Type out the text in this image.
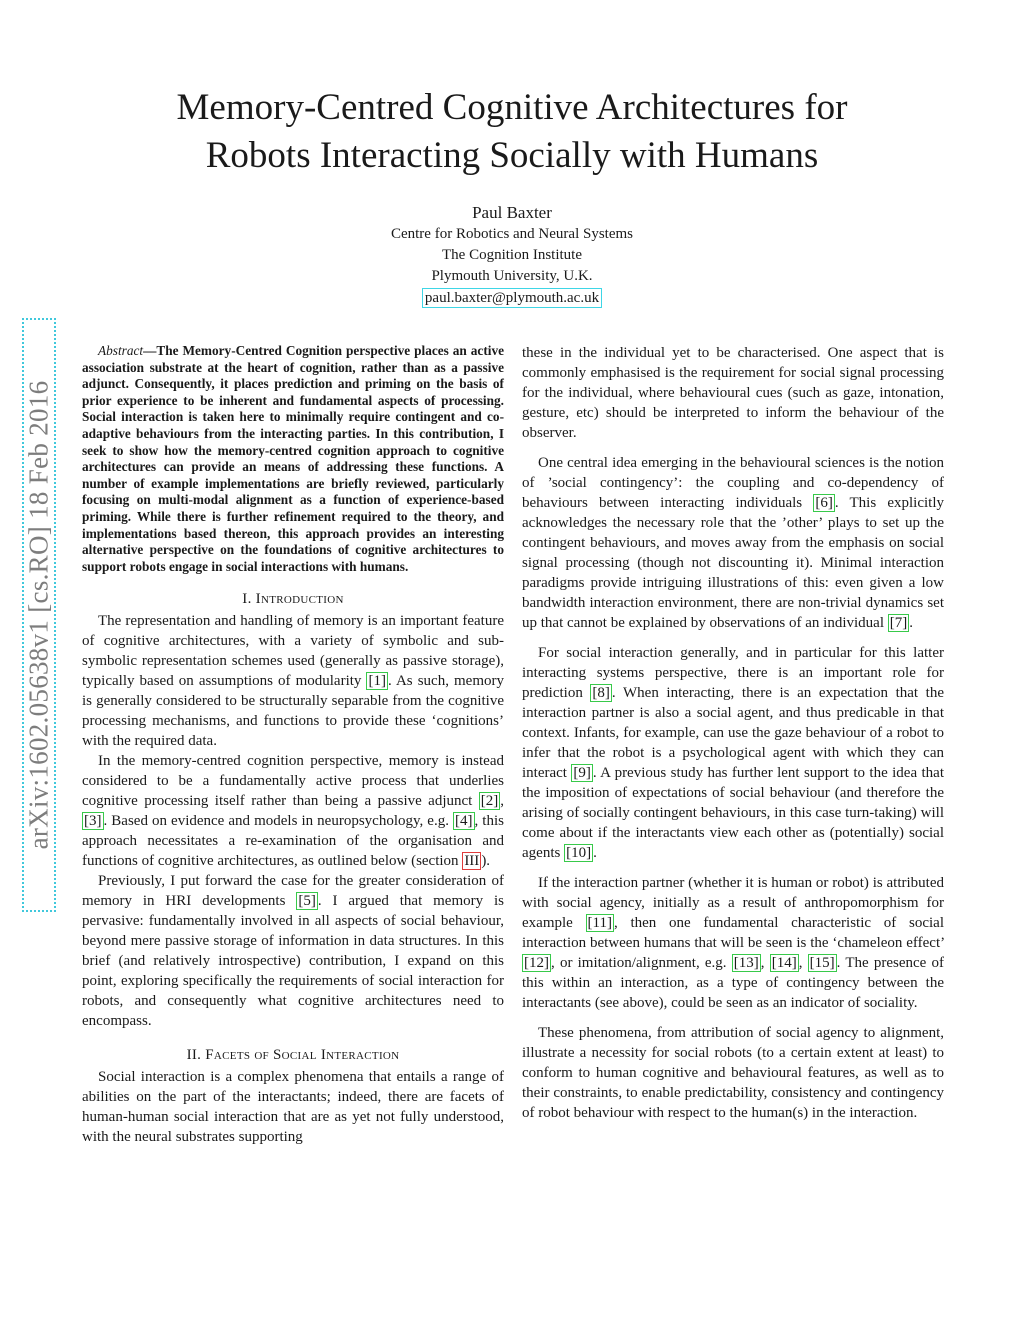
Memory-Centred Cognitive Architectures for
Robots Interacting Socially with Humans
Paul Baxter
Centre for Robotics and Neural Systems
The Cognition Institute
Plymouth University, U.K.
paul.baxter@plymouth.ac.uk
arXiv:1602.05638v1 [cs.RO] 18 Feb 2016

Abstract—The Memory-Centred Cognition perspective places an active association substrate at the heart of cognition, rather than as a passive adjunct. Consequently, it places prediction and priming on the basis of prior experience to be inherent and fundamental aspects of processing. Social interaction is taken here to minimally require contingent and co-adaptive behaviours from the interacting parties. In this contribution, I seek to show how the memory-centred cognition approach to cognitive architectures can provide an means of addressing these functions. A number of example implementations are briefly reviewed, particularly focusing on multi-modal alignment as a function of experience-based priming. While there is further refinement required to the theory, and implementations based thereon, this approach provides an interesting alternative perspective on the foundations of cognitive architectures to support robots engage in social interactions with humans.

I. Introduction

The representation and handling of memory is an important feature of cognitive architectures, with a variety of symbolic and sub-symbolic representation schemes used (generally as passive storage), typically based on assumptions of modularity [1] . As such, memory is generally considered to be structurally separable from the cognitive processing mechanisms, and functions to provide these ‘cognitions’ with the required data.

In the memory-centred cognition perspective, memory is instead considered to be a fundamentally active process that underlies cognitive processing itself rather than being a passive adjunct [2] , [3] . Based on evidence and models in neuropsychology, e.g. [4] , this approach necessitates a re-examination of the organisation and functions of cognitive architectures, as outlined below (section III ).

Previously, I put forward the case for the greater consideration of memory in HRI developments [5] . I argued that memory is pervasive: fundamentally involved in all aspects of social behaviour, beyond mere passive storage of information in data structures. In this brief (and relatively introspective) contribution, I expand on this point, exploring specifically the requirements of social interaction for robots, and consequently what cognitive architectures need to encompass.

II. Facets of Social Interaction

Social interaction is a complex phenomena that entails a range of abilities on the part of the interactants; indeed, there are facets of human-human social interaction that are as yet not fully understood, with the neural substrates supporting

these in the individual yet to be characterised. One aspect that is commonly emphasised is the requirement for social signal processing for the individual, where behavioural cues (such as gaze, intonation, gesture, etc) should be interpreted to inform the behaviour of the observer.

One central idea emerging in the behavioural sciences is the notion of ’social contingency’: the coupling and co-dependency of behaviours between interacting individuals [6] . This explicitly acknowledges the necessary role that the ’other’ plays to set up the contingent behaviours, and moves away from the emphasis on social signal processing (though not discounting it). Minimal interaction paradigms provide intriguing illustrations of this: even given a low bandwidth interaction environment, there are non-trivial dynamics set up that cannot be explained by observations of an individual [7] .

For social interaction generally, and in particular for this latter interacting systems perspective, there is an important role for prediction [8] . When interacting, there is an expectation that the interaction partner is also a social agent, and thus predicable in that context. Infants, for example, can use the gaze behaviour of a robot to infer that the robot is a psychological agent with which they can interact [9] . A previous study has further lent support to the idea that the imposition of expectations of social behaviour (and therefore the arising of socially contingent behaviours, in this case turn-taking) will come about if the interactants view each other as (potentially) social agents [10] .

If the interaction partner (whether it is human or robot) is attributed with social agency, initially as a result of anthropomorphism for example [11] , then one fundamental characteristic of social interaction between humans that will be seen is the ‘chameleon effect’ [12] , or imitation/alignment, e.g. [13] , [14] , [15] . The presence of this within an interaction, as a type of contingency between the interactants (see above), could be seen as an indicator of sociality.

These phenomena, from attribution of social agency to alignment, illustrate a necessity for social robots (to a certain extent at least) to conform to human cognitive and behavioural features, as well as to their constraints, to enable predictability, consistency and contingency of robot behaviour with respect to the human(s) in the interaction.
